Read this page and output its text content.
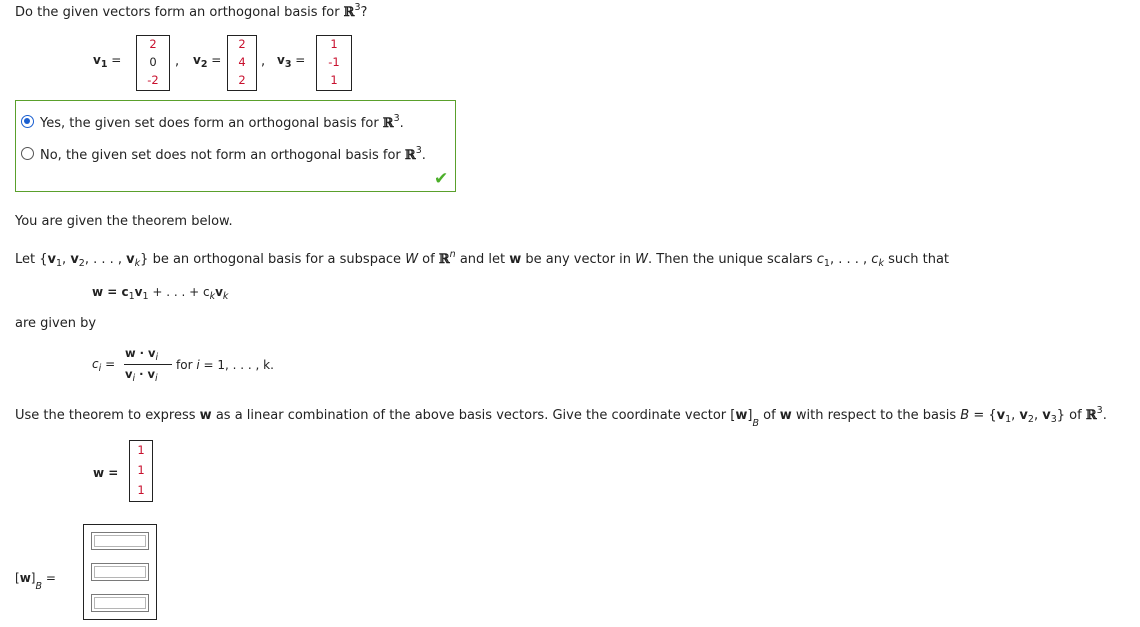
Do the given vectors form an orthogonal basis for ℝ$^3$?
$v_1$ =
2
0
-2
, $v_2$ =
2
4
2
, $v_3$ =
1
-1
1
Yes, the given set does form an orthogonal basis for ℝ$^3$.
No, the given set does not form an orthogonal basis for ℝ$^3$.
✔
You are given the theorem below.
Let {$v_1$, $v_2$, . . . , $v_k$} be an orthogonal basis for a subspace W of ℝ$^n$ and let w be any vector in W. Then the unique scalars $c_1$, . . . , $c_k$ such that
$w = c_1v_1$ + . . . + $c_kv_k$
are given by
$c_i$ =
$w \cdot v_i$
$v_i \cdot v_i$
for i = 1, . . . , k.
Use the theorem to express w as a linear combination of the above basis vectors. Give the coordinate vector $[w]_B$ of w with respect to the basis $B = \{v_1$, $v_2$, $v_3$} of ℝ$^3$.
w =
1
1
1
$[w]_B$ =
